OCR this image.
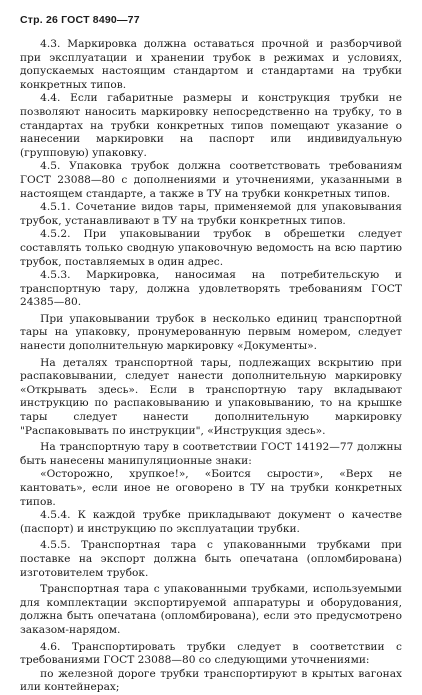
Стр. 26 ГОСТ 8490—77

4.3. Маркировка должна оставаться прочной и разборчивой при эксплуатации и хранении трубок в режимах и условиях, допускаемых настоящим стандартом и стандартами на трубки конкретных типов.

4.4. Если габаритные размеры и конструкция трубки не позволяют наносить маркировку непосредственно на трубку, то в стандартах на трубки конкретных типов помещают указание о нанесении маркировки на паспорт или индивидуальную (групповую) упаковку.

4.5. Упаковка трубок должна соответствовать требованиям ГОСТ 23088—80 с дополнениями и уточнениями, указанными в настоящем стандарте, а также в ТУ на трубки конкретных типов.

4.5.1. Сочетание видов тары, применяемой для упаковывания трубок, устанавливают в ТУ на трубки конкретных типов.

4.5.2. При упаковывании трубок в обрешетки следует составлять только сводную упаковочную ведомость на всю партию трубок, поставляемых в один адрес.

4.5.3. Маркировка, наносимая на потребительскую и транспортную тару, должна удовлетворять требованиям ГОСТ 24385—80.

При упаковывании трубок в несколько единиц транспортной тары на упаковку, пронумерованную первым номером, следует нанести дополнительную маркировку «Документы».

На деталях транспортной тары, подлежащих вскрытию при распаковывании, следует нанести дополнительную маркировку «Открывать здесь». Если в транспортную тару вкладывают инструкцию по распаковыванию и упаковыванию, то на крышке тары следует нанести дополнительную маркировку "Распаковывать по инструкции", «Инструкция здесь».

На транспортную тару в соответствии ГОСТ 14192—77 должны быть нанесены манипуляционные знаки:

«Осторожно, хрупкое!», «Боится сырости», «Верх не кантовать», если иное не оговорено в ТУ на трубки конкретных типов.

4.5.4. К каждой трубке прикладывают документ о качестве (паспорт) и инструкцию по эксплуатации трубки.

4.5.5. Транспортная тара с упакованными трубками при поставке на экспорт должна быть опечатана (опломбирована) изготовителем трубок.

Транспортная тара с упакованными трубками, используемыми для комплектации экспортируемой аппаратуры и оборудования, должна быть опечатана (опломбирована), если это предусмотрено заказом-нарядом.

4.6. Транспортировать трубки следует в соответствии с требованиями ГОСТ 23088—80 со следующими уточнениями:

по железной дороге трубки транспортируют в крытых вагонах или контейнерах;
